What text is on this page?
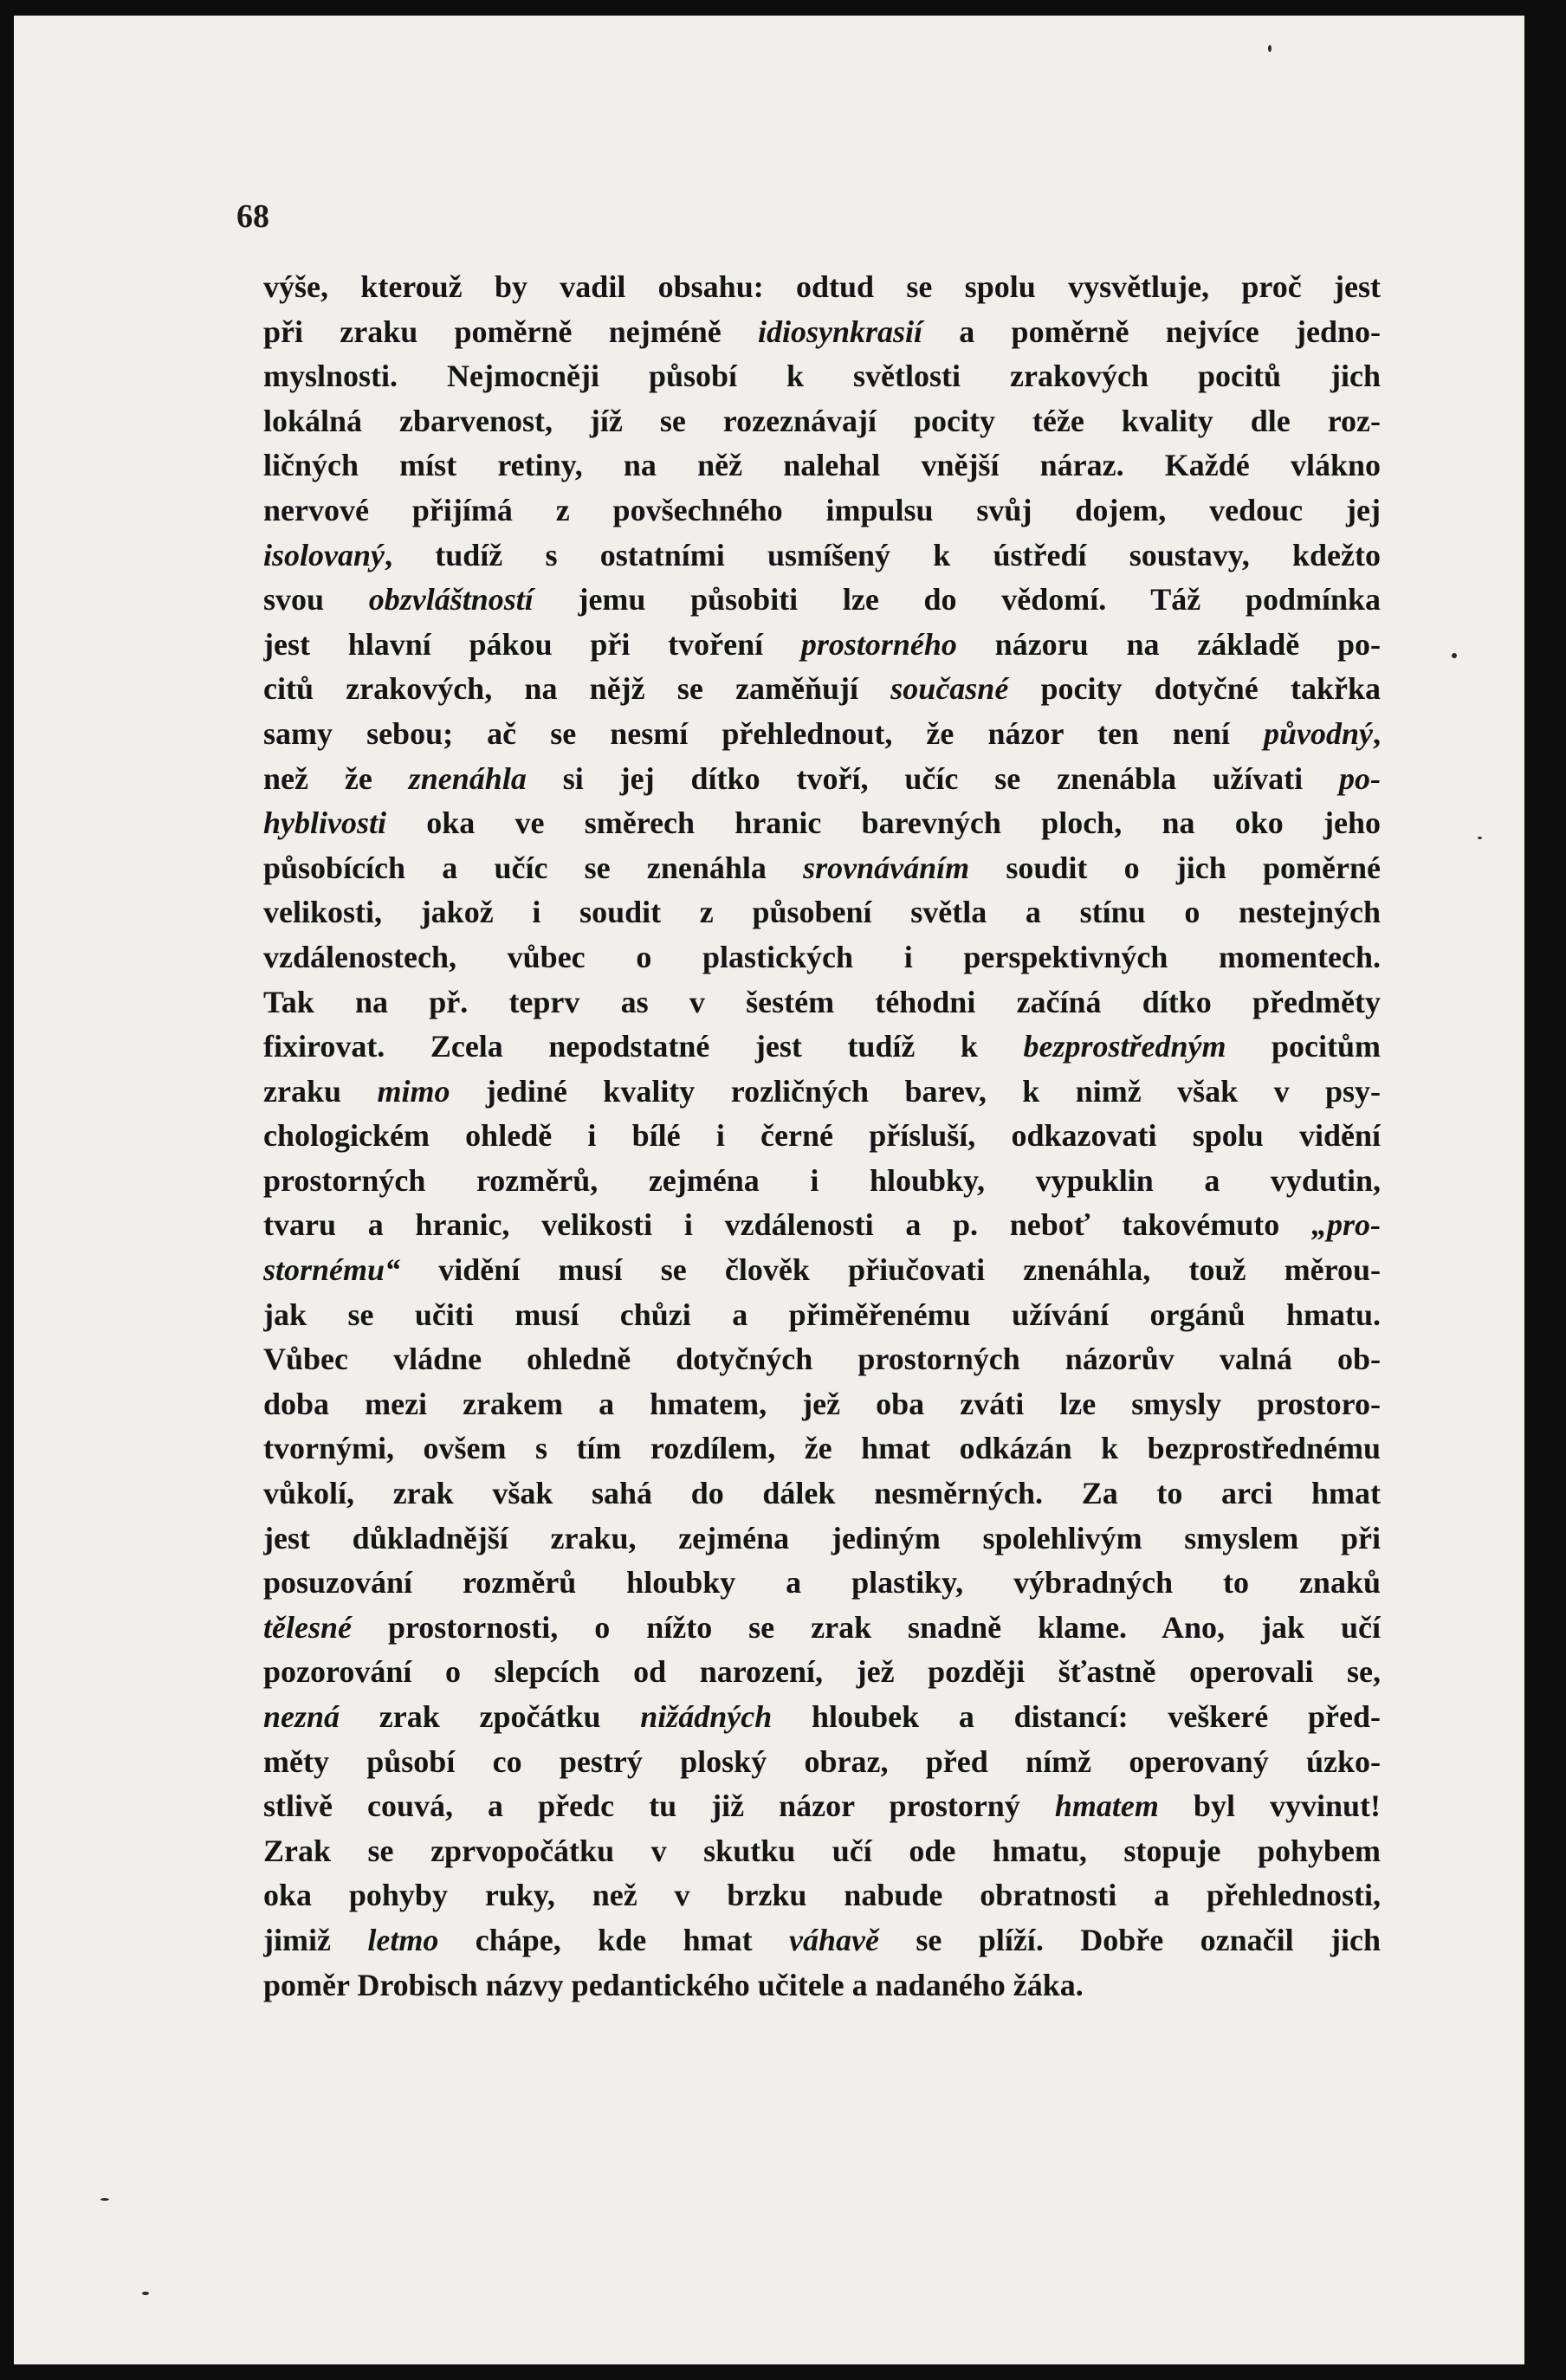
68

výše, kterouž by vadil obsahu: odtud se spolu vysvětluje, proč jest
při zraku poměrně nejméně idiosynkrasií a poměrně nejvíce jedno-
myslnosti. Nejmocněji působí k světlosti zrakových pocitů jich
lokálná zbarvenost, jíž se rozeznávají pocity téže kvality dle roz-
ličných míst retiny, na něž nalehal vnější náraz. Každé vlákno
nervové přijímá z povšechného impulsu svůj dojem, vedouc jej
isolovaný, tudíž s ostatními usmíšený k ústředí soustavy, kdežto
svou obzvláštností jemu působiti lze do vědomí. Táž podmínka
jest hlavní pákou při tvoření prostorného názoru na základě po-
citů zrakových, na nějž se zaměňují současné pocity dotyčné takřka
samy sebou; ač se nesmí přehlednout, že názor ten není původný,
než že znenáhla si jej dítko tvoří, učíc se znenábla užívati po-
hyblivosti oka ve směrech hranic barevných ploch, na oko jeho
působících a učíc se znenáhla srovnáváním soudit o jich poměrné
velikosti, jakož i soudit z působení světla a stínu o nestejných
vzdálenostech, vůbec o plastických i perspektivných momentech.
Tak na př. teprv as v šestém téhodni začíná dítko předměty
fixirovat. Zcela nepodstatné jest tudíž k bezprostředným pocitům
zraku mimo jediné kvality rozličných barev, k nimž však v psy-
chologickém ohledě i bílé i černé přísluší, odkazovati spolu vidění
prostorných rozměrů, zejména i hloubky, vypuklin a vydutin,
tvaru a hranic, velikosti i vzdálenosti a p. neboť takovémuto „pro-
stornému“ vidění musí se člověk přiučovati znenáhla, touž měrou-
jak se učiti musí chůzi a přiměřenému užívání orgánů hmatu.
Vůbec vládne ohledně dotyčných prostorných názorův valná ob-
doba mezi zrakem a hmatem, jež oba zváti lze smysly prostoro-
tvornými, ovšem s tím rozdílem, že hmat odkázán k bezprostřednému
vůkolí, zrak však sahá do dálek nesměrných. Za to arci hmat
jest důkladnější zraku, zejména jediným spolehlivým smyslem při
posuzování rozměrů hloubky a plastiky, výbradných to znaků
tělesné prostornosti, o nížto se zrak snadně klame. Ano, jak učí
pozorování o slepcích od narození, jež později šťastně operovali se,
nezná zrak zpočátku nižádných hloubek a distancí: veškeré před-
měty působí co pestrý ploský obraz, před nímž operovaný úzko-
stlivě couvá, a předc tu již názor prostorný hmatem byl vyvinut!
Zrak se zprvopočátku v skutku učí ode hmatu, stopuje pohybem
oka pohyby ruky, než v brzku nabude obratnosti a přehlednosti,
jimiž letmo chápe, kde hmat váhavě se plíží. Dobře označil jich
poměr Drobisch názvy pedantického učitele a nadaného žáka.
